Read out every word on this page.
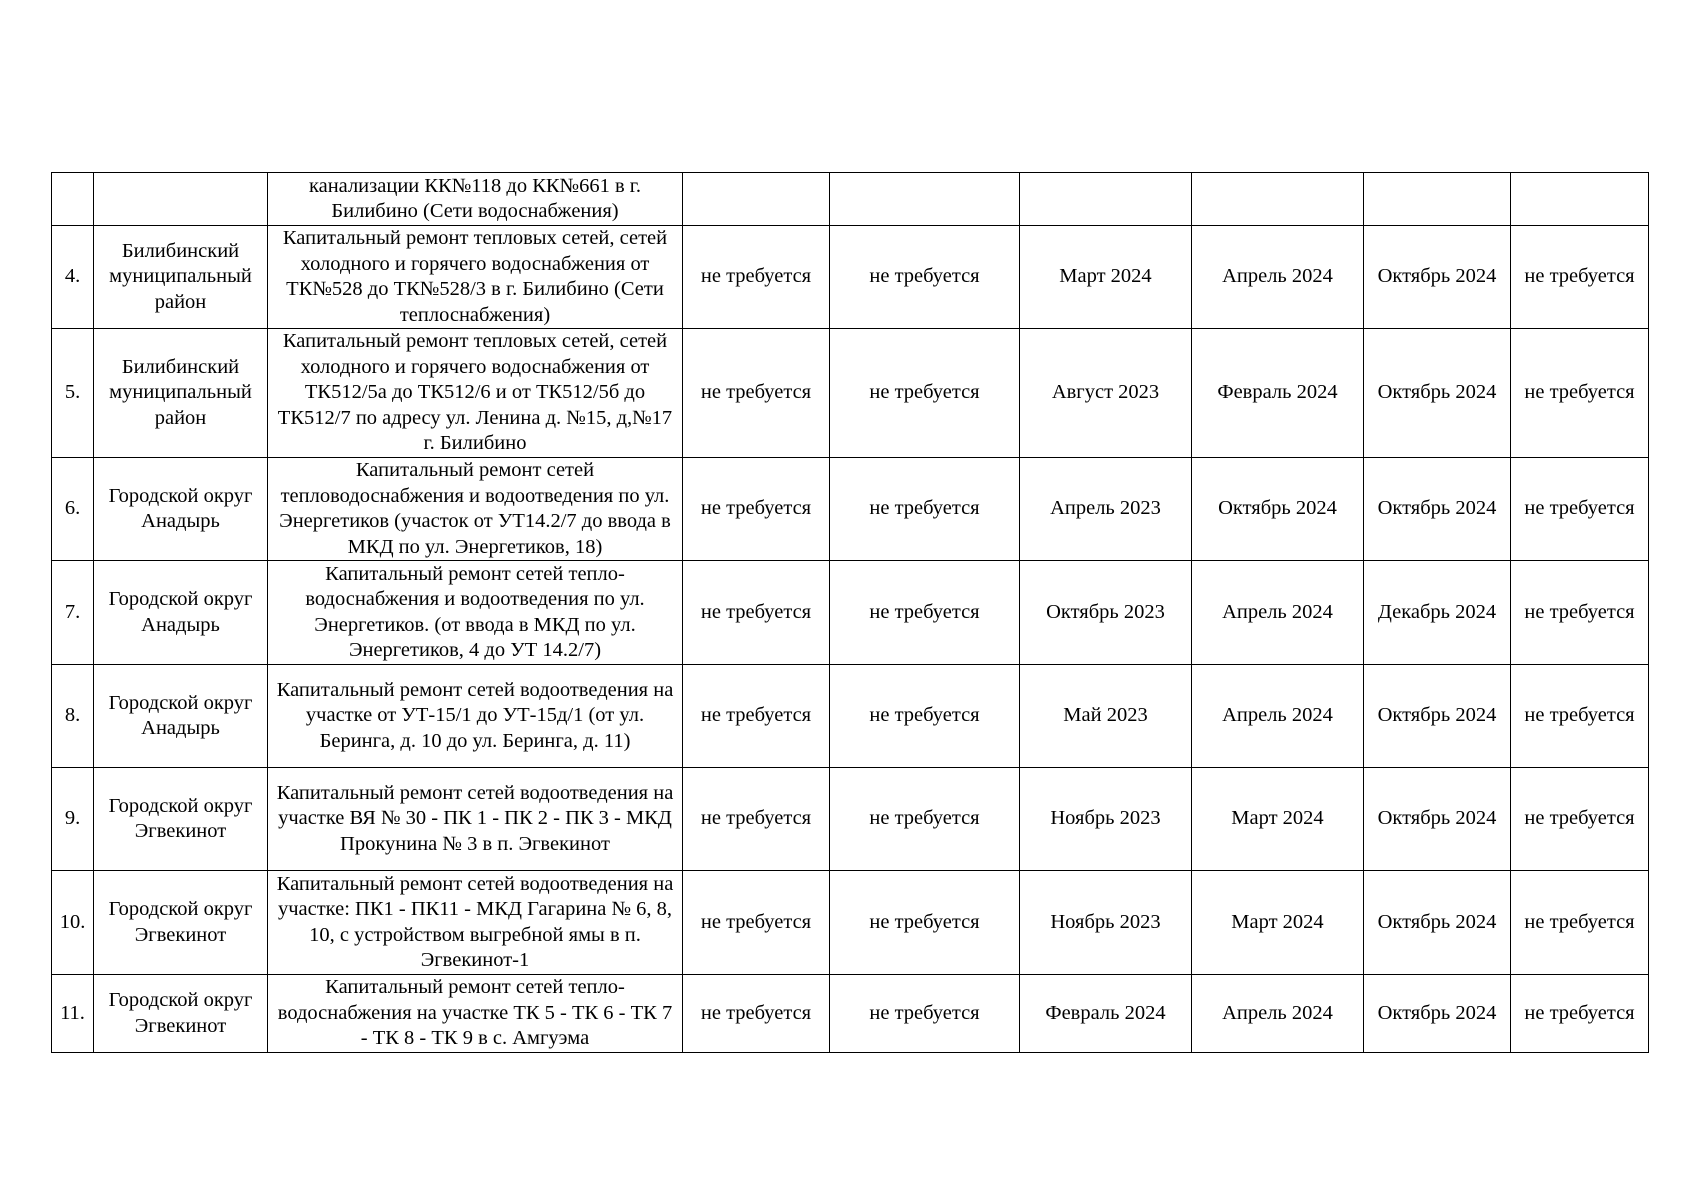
		канализации КК№118 до КК№661 в г. Билибино (Сети водоснабжения)						
4.	Билибинский муниципальный район	Капитальный ремонт тепловых сетей, сетей холодного и горячего водоснабжения от ТК№528 до ТК№528/3 в г. Билибино (Сети теплоснабжения)	не требуется	не требуется	Март 2024	Апрель 2024	Октябрь 2024	не требуется
5.	Билибинский муниципальный район	Капитальный ремонт тепловых сетей, сетей холодного и горячего водоснабжения от ТК512/5а до ТК512/6 и от ТК512/5б до ТК512/7 по адресу ул. Ленина д. №15, д,№17 г. Билибино	не требуется	не требуется	Август 2023	Февраль 2024	Октябрь 2024	не требуется
6.	Городской округ Анадырь	Капитальный ремонт сетей тепловодоснабжения и водоотведения по ул. Энергетиков (участок от УТ14.2/7 до ввода в МКД по ул. Энергетиков, 18)	не требуется	не требуется	Апрель 2023	Октябрь 2024	Октябрь 2024	не требуется
7.	Городской округ Анадырь	Капитальный ремонт сетей тепло-водоснабжения и водоотведения по ул. Энергетиков. (от ввода в МКД по ул. Энергетиков, 4 до УТ 14.2/7)	не требуется	не требуется	Октябрь 2023	Апрель 2024	Декабрь 2024	не требуется
8.	Городской округ Анадырь	Капитальный ремонт сетей водоотведения на участке от УТ-15/1 до УТ-15д/1 (от ул. Беринга, д. 10 до ул. Беринга, д. 11)	не требуется	не требуется	Май 2023	Апрель 2024	Октябрь 2024	не требуется
9.	Городской округ Эгвекинот	Капитальный ремонт сетей водоотведения на участке ВЯ № 30 - ПК 1 - ПК 2 - ПК 3 - МКД Прокунина № 3 в п. Эгвекинот	не требуется	не требуется	Ноябрь 2023	Март 2024	Октябрь 2024	не требуется
10.	Городской округ Эгвекинот	Капитальный ремонт сетей водоотведения на участке: ПК1 - ПК11 - МКД Гагарина № 6, 8, 10, с устройством выгребной ямы в п. Эгвекинот-1	не требуется	не требуется	Ноябрь 2023	Март 2024	Октябрь 2024	не требуется
11.	Городской округ Эгвекинот	Капитальный ремонт сетей тепло-водоснабжения на участке ТК 5 - ТК 6 - ТК 7 - ТК 8 - ТК 9 в с. Амгуэма	не требуется	не требуется	Февраль 2024	Апрель 2024	Октябрь 2024	не требуется
